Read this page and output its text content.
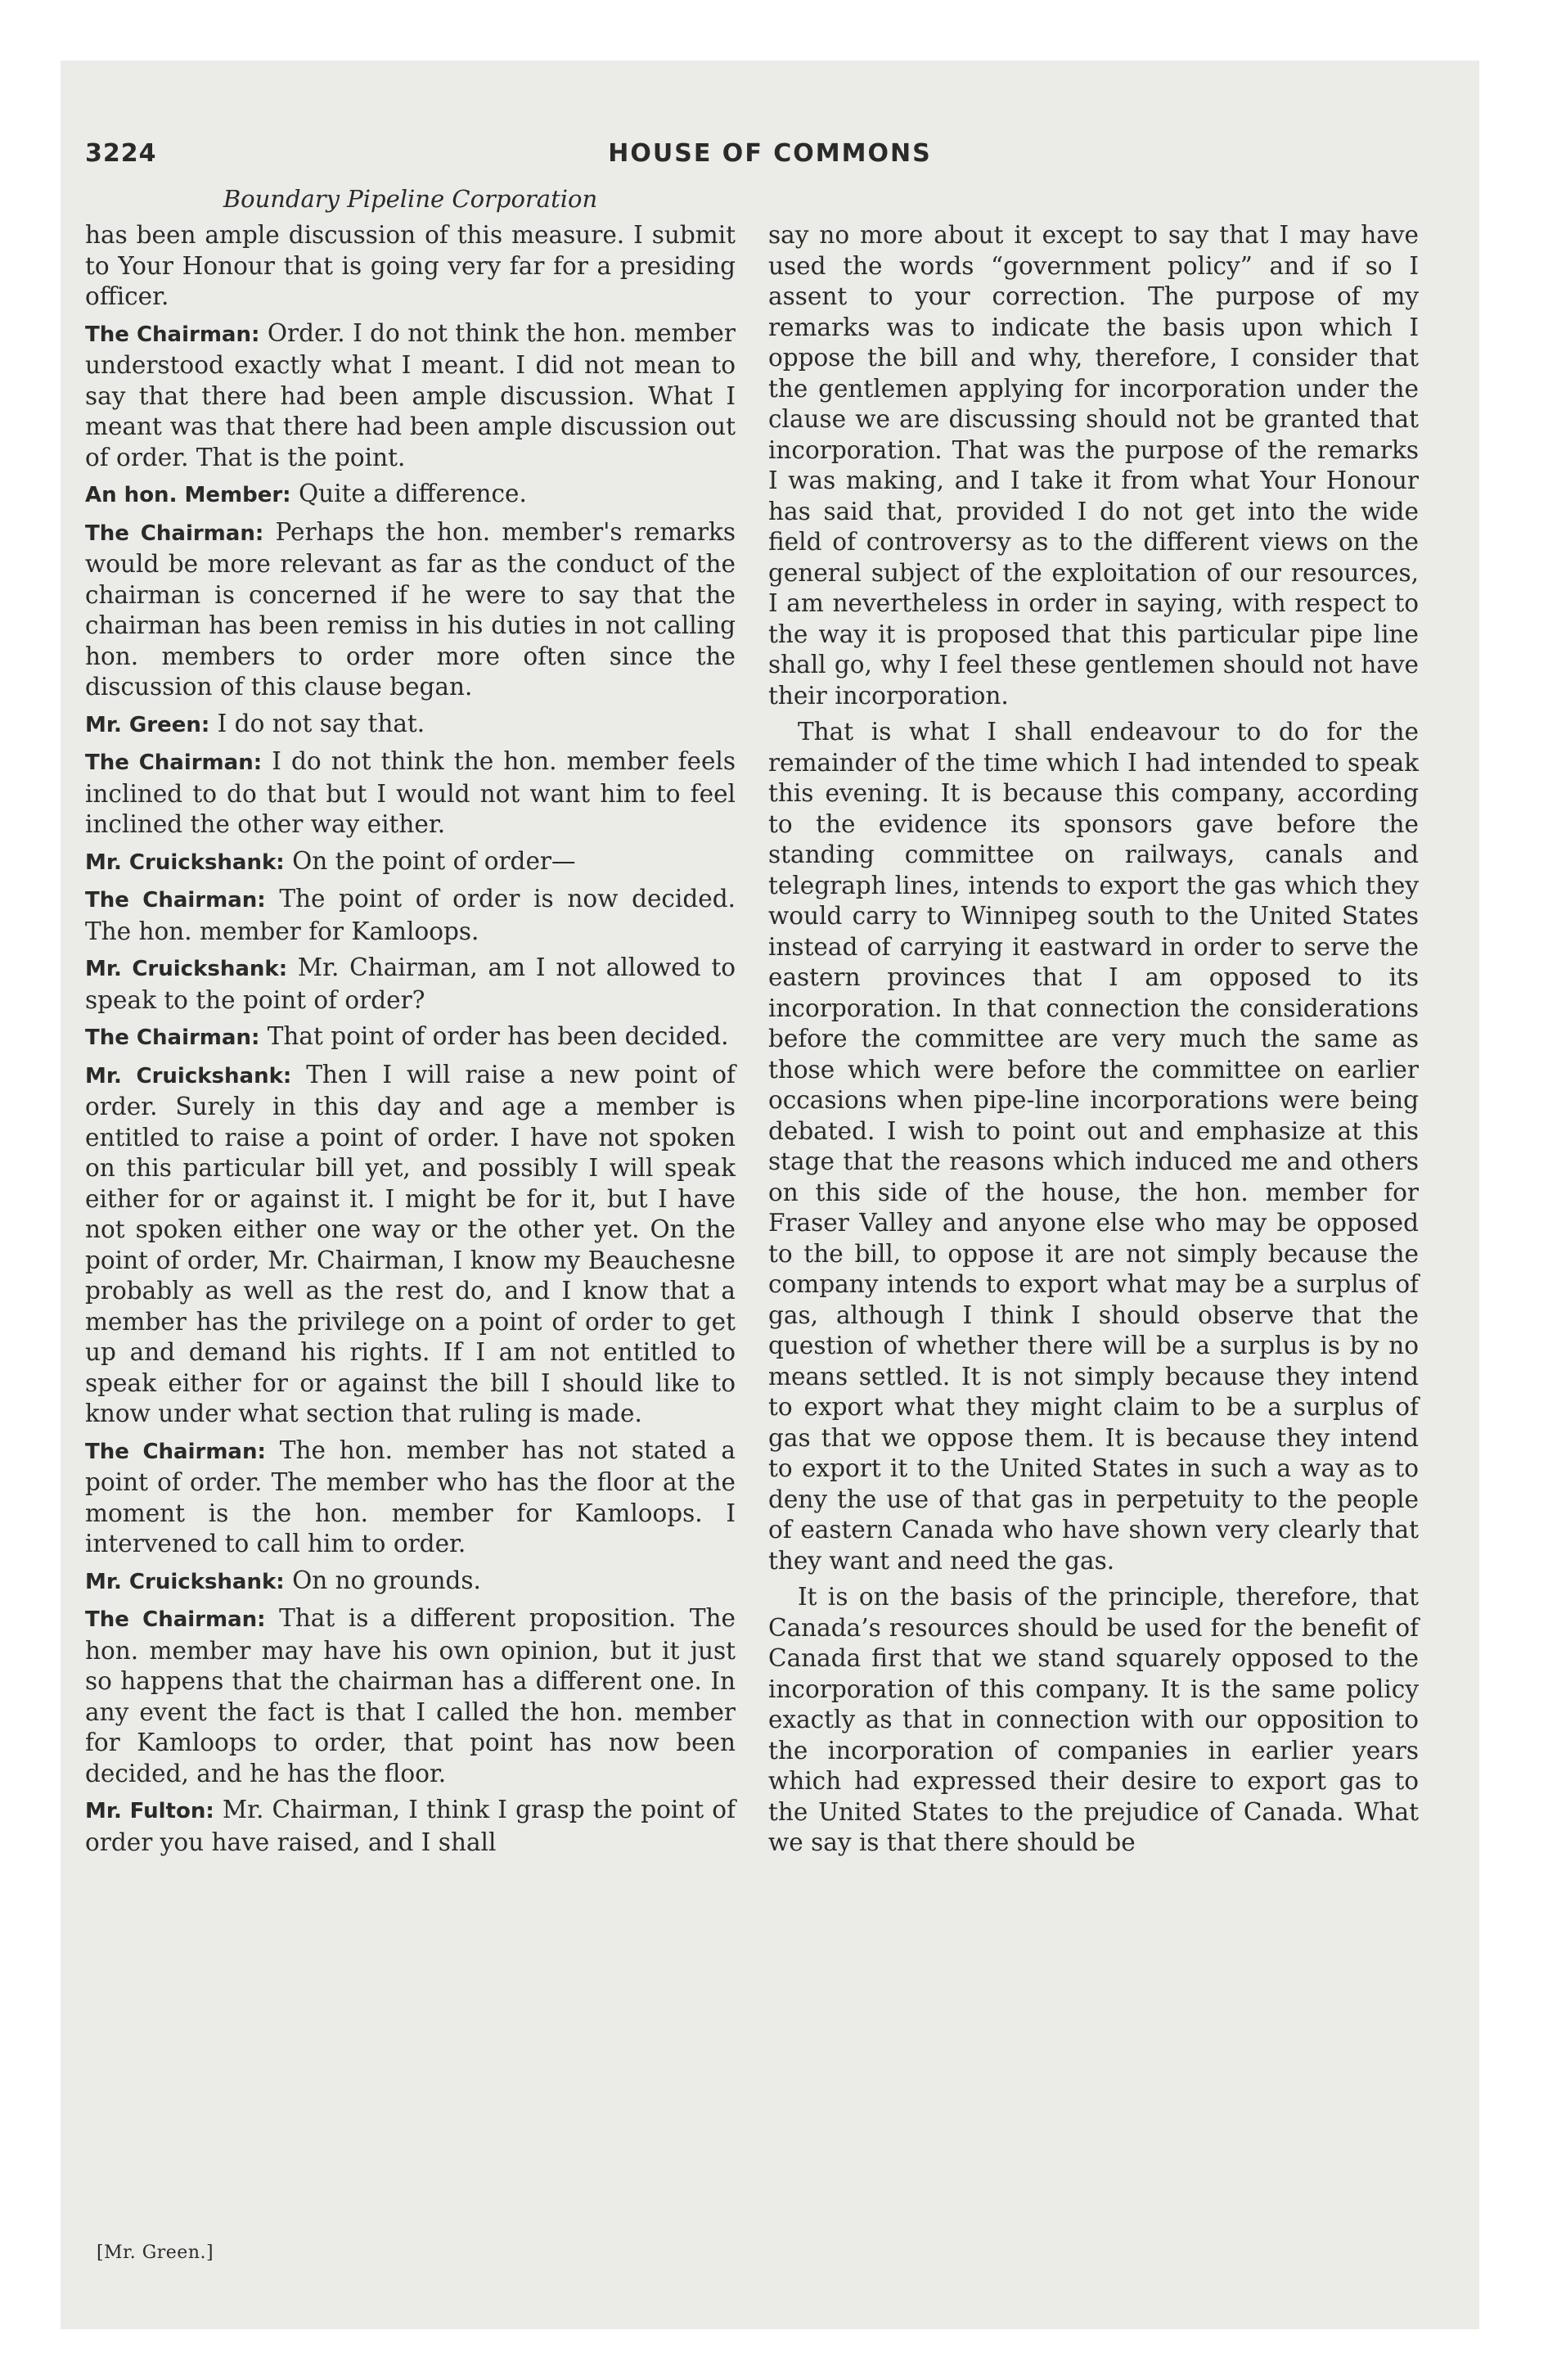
3224	HOUSE OF COMMONS
Boundary Pipeline Corporation

has been ample discussion of this measure. I submit to Your Honour that is going very far for a presiding officer.

The Chairman: Order. I do not think the hon. member understood exactly what I meant. I did not mean to say that there had been ample discussion. What I meant was that there had been ample discussion out of order. That is the point.

An hon. Member: Quite a difference.

The Chairman: Perhaps the hon. member's remarks would be more relevant as far as the conduct of the chairman is concerned if he were to say that the chairman has been remiss in his duties in not calling hon. members to order more often since the discussion of this clause began.

Mr. Green: I do not say that.

The Chairman: I do not think the hon. member feels inclined to do that but I would not want him to feel inclined the other way either.

Mr. Cruickshank: On the point of order—

The Chairman: The point of order is now decided. The hon. member for Kamloops.

Mr. Cruickshank: Mr. Chairman, am I not allowed to speak to the point of order?

The Chairman: That point of order has been decided.

Mr. Cruickshank: Then I will raise a new point of order. Surely in this day and age a member is entitled to raise a point of order. I have not spoken on this particular bill yet, and possibly I will speak either for or against it. I might be for it, but I have not spoken either one way or the other yet. On the point of order, Mr. Chairman, I know my Beauchesne probably as well as the rest do, and I know that a member has the privilege on a point of order to get up and demand his rights. If I am not entitled to speak either for or against the bill I should like to know under what section that ruling is made.

The Chairman: The hon. member has not stated a point of order. The member who has the floor at the moment is the hon. member for Kamloops. I intervened to call him to order.

Mr. Cruickshank: On no grounds.

The Chairman: That is a different proposition. The hon. member may have his own opinion, but it just so happens that the chairman has a different one. In any event the fact is that I called the hon. member for Kamloops to order, that point has now been decided, and he has the floor.

Mr. Fulton: Mr. Chairman, I think I grasp the point of order you have raised, and I shall

say no more about it except to say that I may have used the words “government policy” and if so I assent to your correction. The purpose of my remarks was to indicate the basis upon which I oppose the bill and why, therefore, I consider that the gentlemen applying for incorporation under the clause we are discussing should not be granted that incorporation. That was the purpose of the remarks I was making, and I take it from what Your Honour has said that, provided I do not get into the wide field of controversy as to the different views on the general subject of the exploitation of our resources, I am nevertheless in order in saying, with respect to the way it is proposed that this particular pipe line shall go, why I feel these gentlemen should not have their incorporation.

That is what I shall endeavour to do for the remainder of the time which I had intended to speak this evening. It is because this company, according to the evidence its sponsors gave before the standing committee on railways, canals and telegraph lines, intends to export the gas which they would carry to Winnipeg south to the United States instead of carrying it eastward in order to serve the eastern provinces that I am opposed to its incorporation. In that connection the considerations before the committee are very much the same as those which were before the committee on earlier occasions when pipe-line incorporations were being debated. I wish to point out and emphasize at this stage that the reasons which induced me and others on this side of the house, the hon. member for Fraser Valley and anyone else who may be opposed to the bill, to oppose it are not simply because the company intends to export what may be a surplus of gas, although I think I should observe that the question of whether there will be a surplus is by no means settled. It is not simply because they intend to export what they might claim to be a surplus of gas that we oppose them. It is because they intend to export it to the United States in such a way as to deny the use of that gas in perpetuity to the people of eastern Canada who have shown very clearly that they want and need the gas.

It is on the basis of the principle, therefore, that Canada’s resources should be used for the benefit of Canada first that we stand squarely opposed to the incorporation of this company. It is the same policy exactly as that in connection with our opposition to the incorporation of companies in earlier years which had expressed their desire to export gas to the United States to the prejudice of Canada. What we say is that there should be

[Mr. Green.]
